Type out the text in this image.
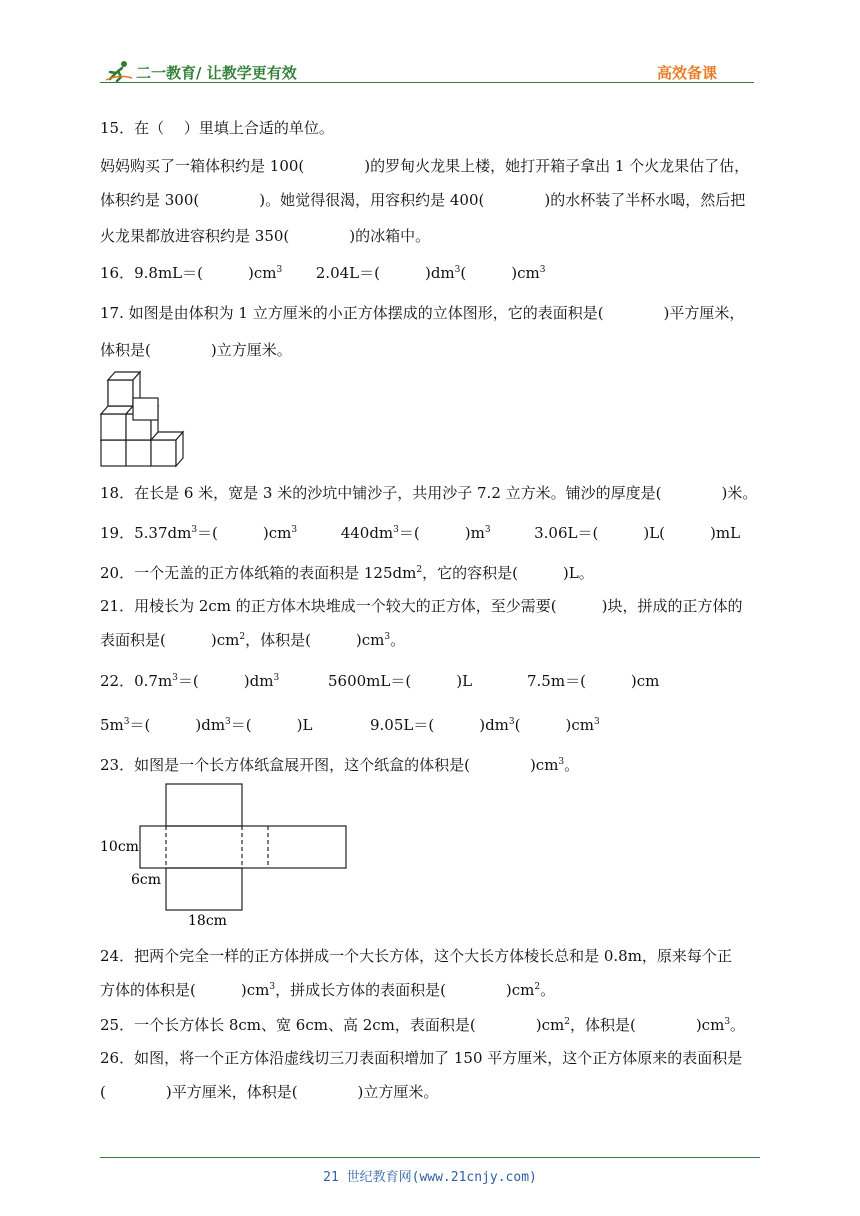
二一教育 / 让教学更有效	高效备课
15．在（　 ）里填上合适的单位。
妈妈购买了一箱体积约是 100(　　　　)的罗甸火龙果上楼，她打开箱子拿出 1 个火龙果估了估，
体积约是 300(　　　　)。她觉得很渴，用容积约是 400(　　　　)的水杯装了半杯水喝，然后把
火龙果都放进容积约是 350(　　　　)的冰箱中。
16．9.8mL＝(　　　)$cm^3$ 2.04L＝(　　　)$dm^3$(　　　)$cm^3$
17. 如图是由体积为 1 立方厘米的小正方体摆成的立体图形，它的表面积是(　　　　)平方厘米，
体积是(　　　　)立方厘米。
18．在长是 6 米，宽是 3 米的沙坑中铺沙子，共用沙子 7.2 立方米。铺沙的厚度是(　　　　)米。
19．$5.37dm^3=$(　　　)$cm^3$	$440dm^3=$(　　　)$m^3$	3.06L＝(　　　)L(　　　)mL
20．一个无盖的正方体纸箱的表面积是 $125dm^2$，它的容积是(　　　)L。
21．用棱长为 2cm 的正方体木块堆成一个较大的正方体，至少需要(　　　)块，拼成的正方体的
表面积是(　　　)$cm^2$，体积是(　　　)$cm^3$。
22．$0.7m^3=$(　　　)$dm^3$	5600mL＝(　　　)L	7.5m＝(　　　)cm
$5m^3=$(　　　)$dm^3=$(　　　)L	9.05L＝(　　　)$dm^3$(　　　)$cm^3$
23．如图是一个长方体纸盒展开图，这个纸盒的体积是(　　　　)$cm^3$。
10cm
6cm
18cm
24．把两个完全一样的正方体拼成一个大长方体，这个大长方体棱长总和是 0.8m，原来每个正
方体的体积是(　　　)$cm^3$，拼成长方体的表面积是(　　　　)$cm^2$。
25．一个长方体长 8cm、宽 6cm、高 2cm，表面积是(　　　　)$cm^2$，体积是(　　　　)$cm^3$。
26．如图，将一个正方体沿虚线切三刀表面积增加了 150 平方厘米，这个正方体原来的表面积是
(　　　　)平方厘米，体积是(　　　　)立方厘米。
21 世纪教育网(www.21cnjy.com)
